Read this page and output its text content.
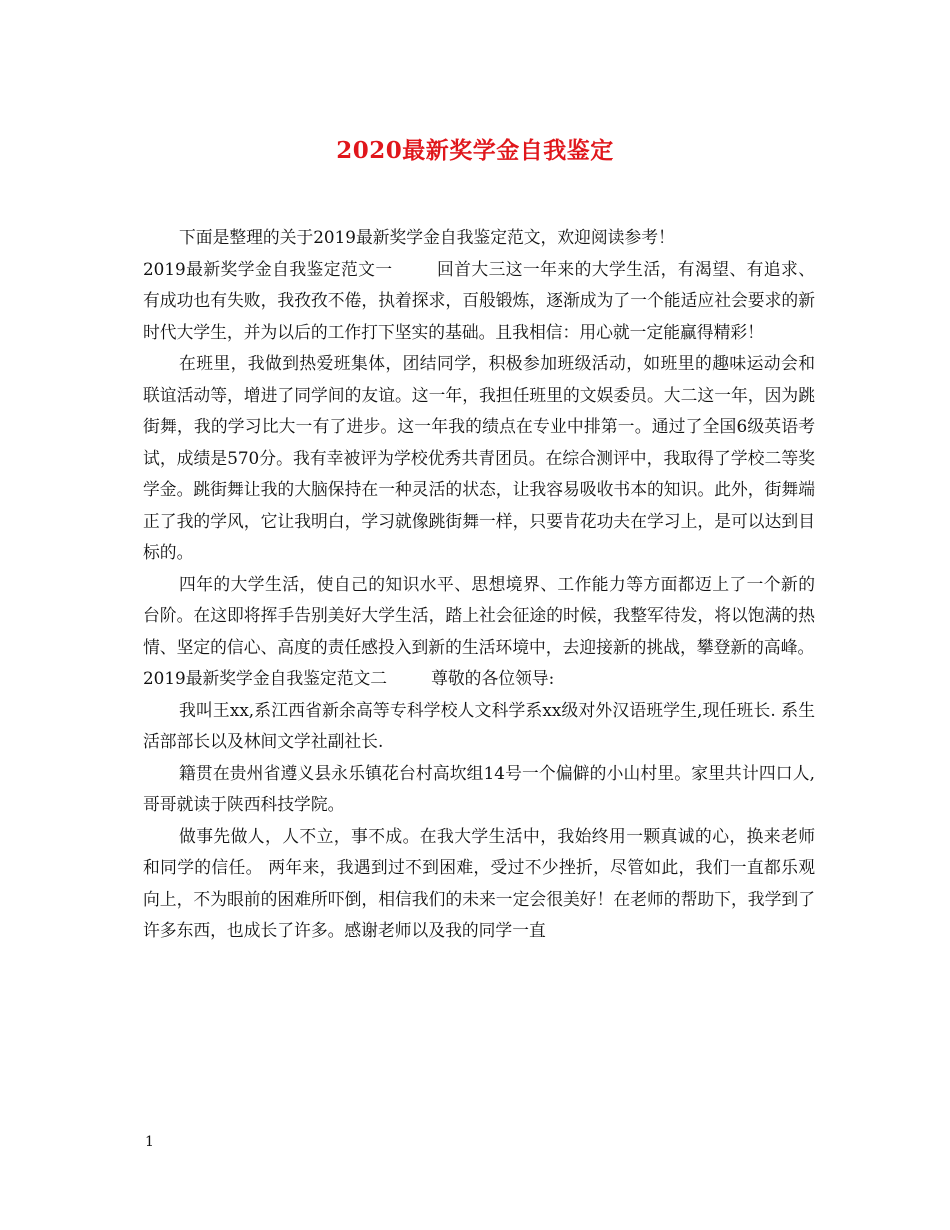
2020最新奖学金自我鉴定

下面是整理的关于2019最新奖学金自我鉴定范文，欢迎阅读参考！

2019最新奖学金自我鉴定范文一	回首大三这一年来的大学生活，有渴望、有追求、有成功也有失败，我孜孜不倦，执着探求，百般锻炼，逐渐成为了一个能适应社会要求的新时代大学生，并为以后的工作打下坚实的基础。且我相信：用心就一定能赢得精彩！

在班里，我做到热爱班集体，团结同学，积极参加班级活动，如班里的趣味运动会和联谊活动等，增进了同学间的友谊。这一年，我担任班里的文娱委员。大二这一年，因为跳街舞，我的学习比大一有了进步。这一年我的绩点在专业中排第一。通过了全国6级英语考试，成绩是570分。我有幸被评为学校优秀共青团员。在综合测评中，我取得了学校二等奖学金。跳街舞让我的大脑保持在一种灵活的状态，让我容易吸收书本的知识。此外，街舞端正了我的学风，它让我明白，学习就像跳街舞一样，只要肯花功夫在学习上，是可以达到目标的。

四年的大学生活，使自己的知识水平、思想境界、工作能力等方面都迈上了一个新的台阶。在这即将挥手告别美好大学生活，踏上社会征途的时候，我整军待发，将以饱满的热情、坚定的信心、高度的责任感投入到新的生活环境中，去迎接新的挑战，攀登新的高峰。

2019最新奖学金自我鉴定范文二	尊敬的各位领导:

我叫王xx,系江西省新余高等专科学校人文科学系xx级对外汉语班学生,现任班长. 系生活部部长以及林间文学社副社长.

籍贯在贵州省遵义县永乐镇花台村高坎组14号一个偏僻的小山村里。家里共计四口人,哥哥就读于陕西科技学院。

做事先做人，人不立，事不成。在我大学生活中，我始终用一颗真诚的心，换来老师和同学的信任。 两年来，我遇到过不到困难，受过不少挫折，尽管如此，我们一直都乐观向上，不为眼前的困难所吓倒，相信我们的未来一定会很美好！在老师的帮助下，我学到了许多东西，也成长了许多。感谢老师以及我的同学一直

1
